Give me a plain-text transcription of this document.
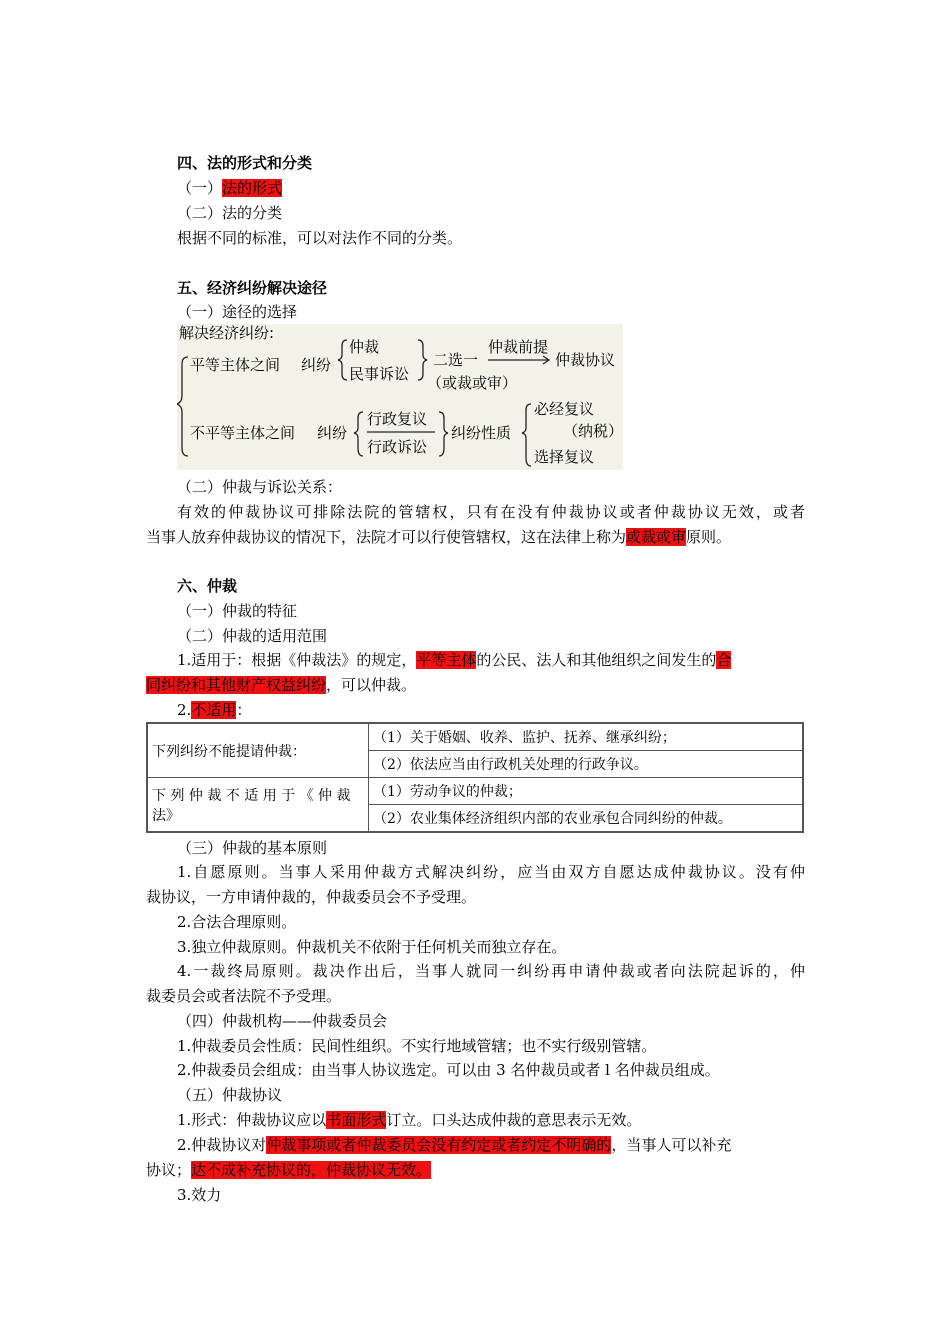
四、法的形式和分类
（一）法的形式
（二）法的分类
根据不同的标准，可以对法作不同的分类。
五、经济纠纷解决途径
（一）途径的选择
解决经济纠纷:
平等主体之间 纠纷
仲裁
民事诉讼
二选一
（或裁或审）
仲裁前提
仲裁协议
不平等主体之间 纠纷
行政复议
行政诉讼
纠纷性质
必经复议
（纳税）
选择复议
（二）仲裁与诉讼关系：
有效的仲裁协议可排除法院的管辖权，只有在没有仲裁协议或者仲裁协议无效，或者
当事人放弃仲裁协议的情况下，法院才可以行使管辖权，这在法律上称为或裁或审原则。
六、仲裁
（一）仲裁的特征
（二）仲裁的适用范围
1.适用于：根据《仲裁法》的规定，平等主体的公民、法人和其他组织之间发生的合
同纠纷和其他财产权益纠纷，可以仲裁。
2.不适用：
下列纠纷不能提请仲裁：	（1）关于婚姻、收养、监护、抚养、继承纠纷；
	（2）依法应当由行政机关处理的行政争议。

下 列 仲 裁 不 适 用 于 《 仲 裁
法》	（1）劳动争议的仲裁；
	（2）农业集体经济组织内部的农业承包合同纠纷的仲裁。
（三）仲裁的基本原则
1.自愿原则。当事人采用仲裁方式解决纠纷，应当由双方自愿达成仲裁协议。没有仲
裁协议，一方申请仲裁的，仲裁委员会不予受理。
2.合法合理原则。
3.独立仲裁原则。仲裁机关不依附于任何机关而独立存在。
4.一裁终局原则。裁决作出后，当事人就同一纠纷再申请仲裁或者向法院起诉的，仲
裁委员会或者法院不予受理。
（四）仲裁机构——仲裁委员会
1.仲裁委员会性质：民间性组织。不实行地域管辖；也不实行级别管辖。
2.仲裁委员会组成：由当事人协议选定。可以由 3 名仲裁员或者 l 名仲裁员组成。
（五）仲裁协议
1.形式：仲裁协议应以书面形式订立。口头达成仲裁的意思表示无效。
2.仲裁协议对仲裁事项或者仲裁委员会没有约定或者约定不明确的，当事人可以补充
协议；达不成补充协议的，仲裁协议无效。
3.效力
